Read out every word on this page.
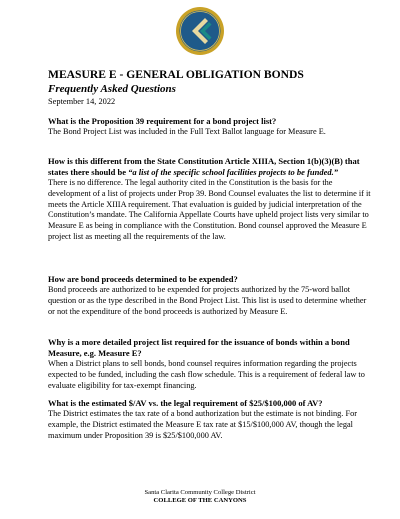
MEASURE E - GENERAL OBLIGATION BONDS
Frequently Asked Questions
September 14, 2022

What is the Proposition 39 requirement for a bond project list?

The Bond Project List was included in the Full Text Ballot language for Measure E.

How is this different from the State Constitution Article XIIIA, Section 1(b)(3)(B) that states there should be “a list of the specific school facilities projects to be funded.”

There is no difference. The legal authority cited in the Constitution is the basis for the development of a list of projects under Prop 39. Bond Counsel evaluates the list to determine if it meets the Article XIIIA requirement. That evaluation is guided by judicial interpretation of the Constitution’s mandate. The California Appellate Courts have upheld project lists very similar to Measure E as being in compliance with the Constitution. Bond counsel approved the Measure E project list as meeting all the requirements of the law.

How are bond proceeds determined to be expended?

Bond proceeds are authorized to be expended for projects authorized by the 75-word ballot question or as the type described in the Bond Project List. This list is used to determine whether or not the expenditure of the bond proceeds is authorized by Measure E.

Why is a more detailed project list required for the issuance of bonds within a bond Measure, e.g. Measure E?

When a District plans to sell bonds, bond counsel requires information regarding the projects expected to be funded, including the cash flow schedule. This is a requirement of federal law to evaluate eligibility for tax-exempt financing.

What is the estimated $/AV vs. the legal requirement of $25/$100,000 of AV?

The District estimates the tax rate of a bond authorization but the estimate is not binding. For example, the District estimated the Measure E tax rate at $15/$100,000 AV, though the legal maximum under Proposition 39 is $25/$100,000 AV.

Santa Clarita Community College District
COLLEGE OF THE CANYONS
